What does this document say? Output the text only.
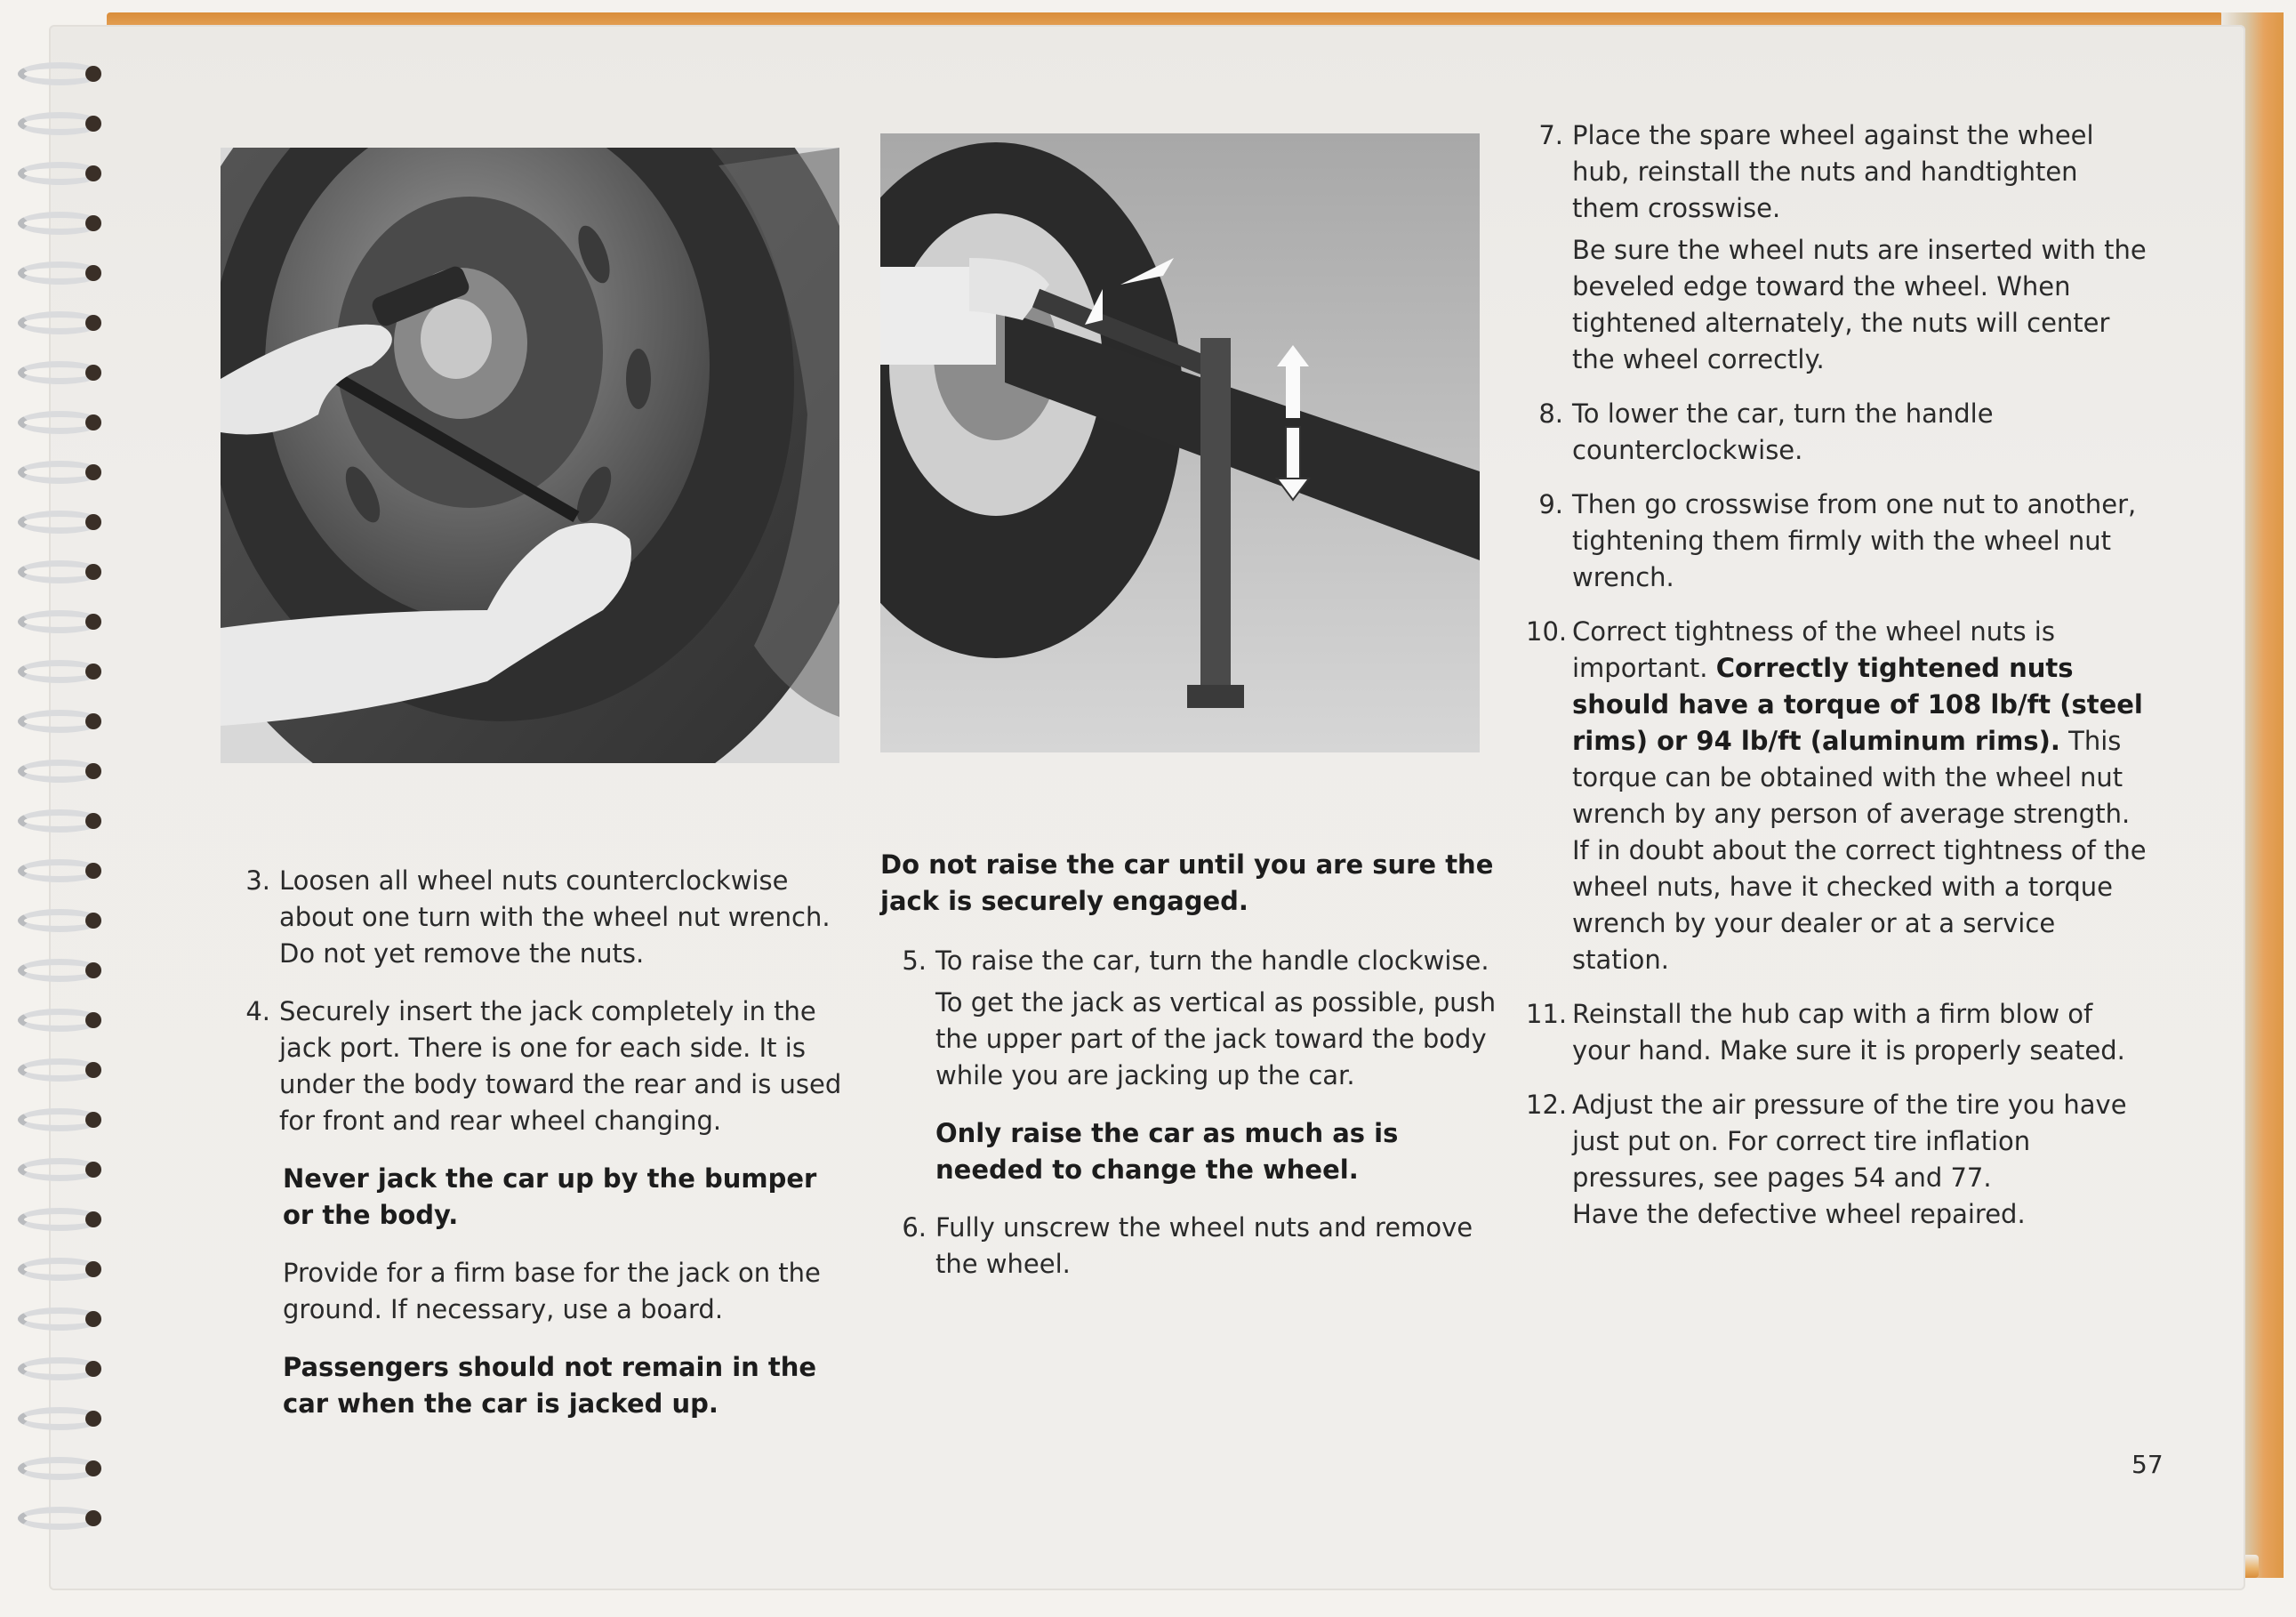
3. Loosen all wheel nuts counterclockwise about one turn with the wheel nut wrench. Do not yet remove the nuts.
4. Securely insert the jack completely in the jack port. There is one for each side. It is under the body toward the rear and is used for front and rear wheel changing.

Never jack the car up by the bumper or the body.

Provide for a firm base for the jack on the ground. If necessary, use a board.

Passengers should not remain in the car when the car is jacked up.

Do not raise the car until you are sure the jack is securely engaged.

5. To raise the car, turn the handle clockwise.

To get the jack as vertical as possible, push the upper part of the jack toward the body while you are jacking up the car.

Only raise the car as much as is needed to change the wheel.

6. Fully unscrew the wheel nuts and remove the wheel.
7. Place the spare wheel against the wheel hub, reinstall the nuts and handtighten them crosswise.

Be sure the wheel nuts are inserted with the beveled edge toward the wheel. When tightened alternately, the nuts will center the wheel correctly.

8. To lower the car, turn the handle counterclockwise.
9. Then go crosswise from one nut to another, tightening them firmly with the wheel nut wrench.
10. Correct tightness of the wheel nuts is important. Correctly tightened nuts should have a torque of 108 lb/ft (steel rims) or 94 lb/ft (aluminum rims). This torque can be obtained with the wheel nut wrench by any person of average strength. If in doubt about the correct tightness of the wheel nuts, have it checked with a torque wrench by your dealer or at a service station.
11. Reinstall the hub cap with a firm blow of your hand. Make sure it is properly seated.
12. Adjust the air pressure of the tire you have just put on. For correct tire inflation pressures, see pages 54 and 77.

Have the defective wheel repaired.

57
